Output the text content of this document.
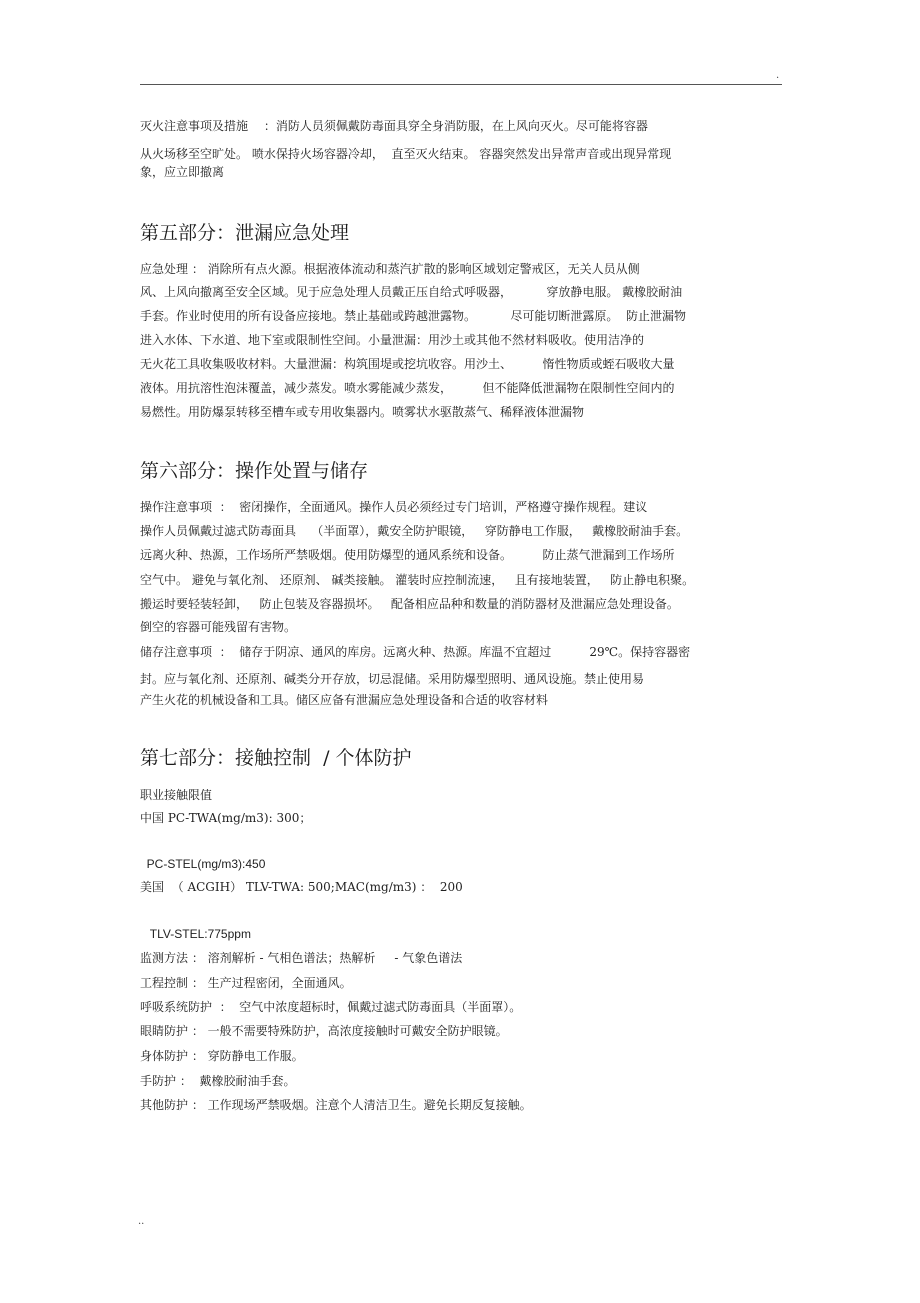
.
灭火注意事项及措施　 ：消防人员须佩戴防毒面具穿全身消防服，在上风向灭火。尽可能将容器
从火场移至空旷处。 喷水保持火场容器冷却，  直至灭火结束。 容器突然发出异常声音或出现异常现
象，应立即撤离
第五部分：泄漏应急处理
应急处理 ： 消除所有点火源。根据液体流动和蒸汽扩散的影响区域划定警戒区，无关人员从侧
风、上风向撤离至安全区域。见于应急处理人员戴正压自给式呼吸器，         穿放静电服。 戴橡胶耐油
手套。作业时使用的所有设备应接地。禁止基础或跨越泄露物。         尽可能切断泄露原。  防止泄漏物
进入水体、下水道、地下室或限制性空间。小量泄漏：用沙土或其他不然材料吸收。使用洁净的
无火花工具收集吸收材料。大量泄漏：构筑围堤或挖坑收容。用沙土、        惰性物质或蛭石吸收大量
液体。用抗溶性泡沫覆盖，减少蒸发。喷水雾能减少蒸发，        但不能降低泄漏物在限制性空间内的
易燃性。用防爆泵转移至槽车或专用收集器内。喷雾状水驱散蒸气、稀释液体泄漏物
第六部分：操作处置与储存
操作注意事项  ：  密闭操作，全面通风。操作人员必须经过专门培训，严格遵守操作规程。建议
操作人员佩戴过滤式防毒面具    （半面罩），戴安全防护眼镜，   穿防静电工作服，   戴橡胶耐油手套。
远离火种、热源，工作场所严禁吸烟。使用防爆型的通风系统和设备。        防止蒸气泄漏到工作场所
空气中。 避免与氧化剂、 还原剂、 碱类接触。 灌装时应控制流速，   且有接地装置，   防止静电积聚。
搬运时要轻装轻卸，   防止包装及容器损坏。   配备相应品种和数量的消防器材及泄漏应急处理设备。
倒空的容器可能残留有害物。
储存注意事项  ：  储存于阴凉、通风的库房。远离火种、热源。库温不宜超过          29℃。保持容器密
封。应与氧化剂、还原剂、碱类分开存放，切忌混储。采用防爆型照明、通风设施。禁止使用易
产生火花的机械设备和工具。储区应备有泄漏应急处理设备和合适的收容材料
第七部分：接触控制  / 个体防护
职业接触限值
中国 PC-TWA(mg/m3): 300；
PC-STEL(mg/m3):450
美国  （ ACGIH） TLV-TWA: 500;MAC(mg/m3) ：  200
TLV-STEL:775ppm
监测方法 ： 溶剂解析 - 气相色谱法；热解析     - 气象色谱法
工程控制 ： 生产过程密闭，全面通风。
呼吸系统防护  ：  空气中浓度超标时，佩戴过滤式防毒面具（半面罩）。
眼睛防护 ： 一般不需要特殊防护，高浓度接触时可戴安全防护眼镜。
身体防护 ： 穿防静电工作服。
手防护 ：  戴橡胶耐油手套。
其他防护 ： 工作现场严禁吸烟。注意个人清洁卫生。避免长期反复接触。
..
